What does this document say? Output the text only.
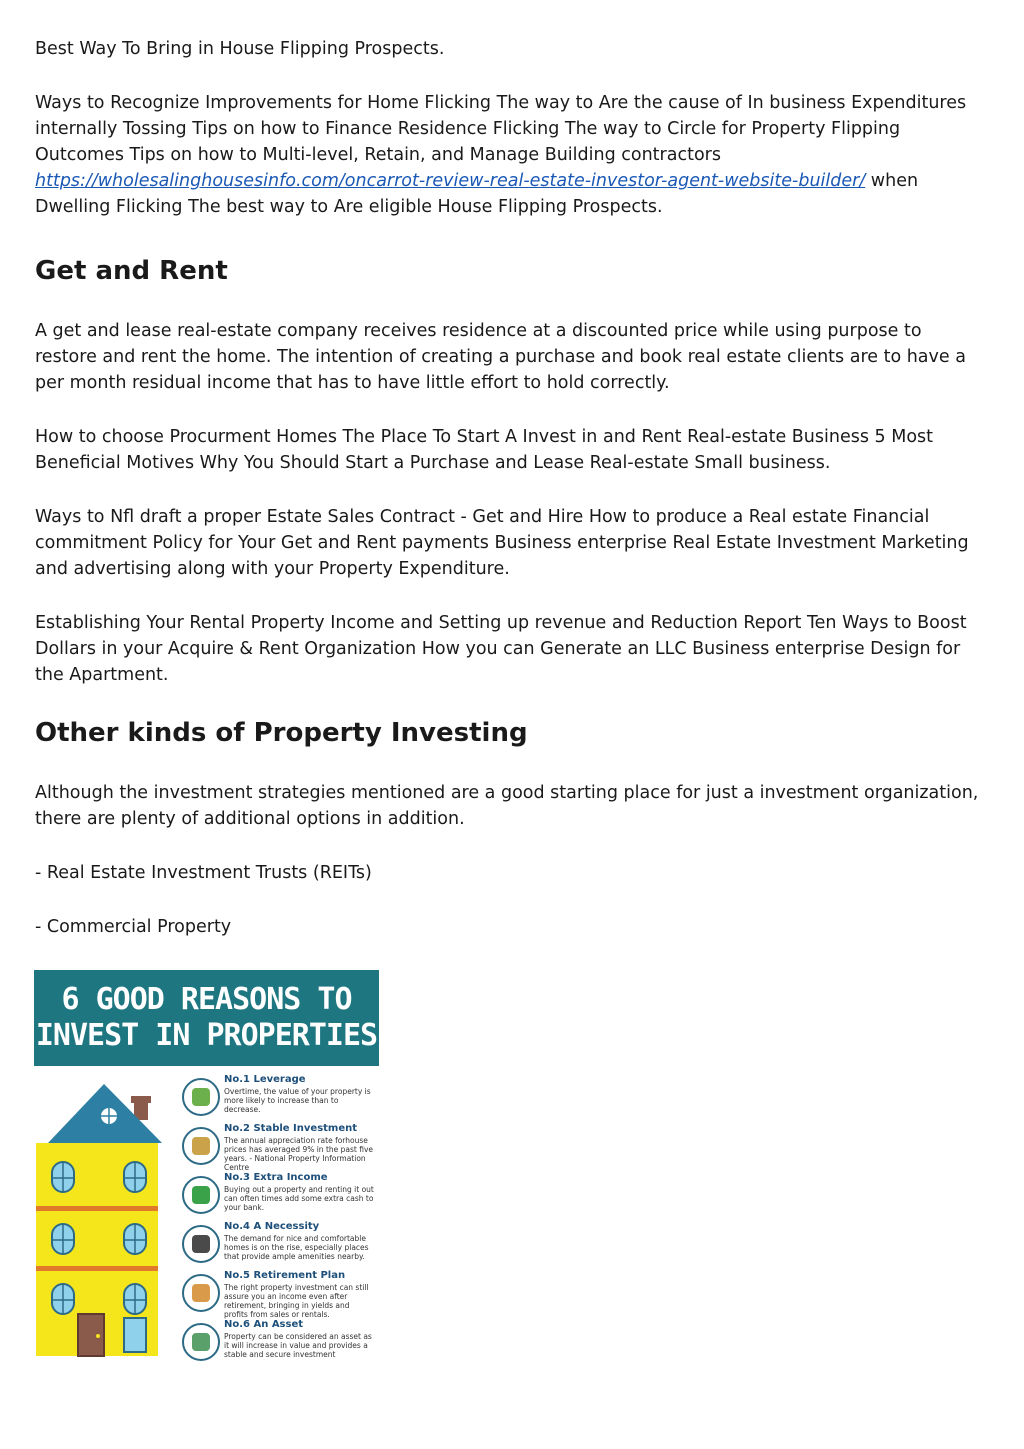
Best Way To Bring in House Flipping Prospects.

Ways to Recognize Improvements for Home Flicking The way to Are the cause of In business Expenditures internally Tossing Tips on how to Finance Residence Flicking The way to Circle for Property Flipping Outcomes Tips on how to Multi-level, Retain, and Manage Building contractors https://wholesalinghousesinfo.com/oncarrot-review-real-estate-investor-agent-website-builder/ when Dwelling Flicking The best way to Are eligible House Flipping Prospects.

Get and Rent

A get and lease real-estate company receives residence at a discounted price while using purpose to restore and rent the home. The intention of creating a purchase and book real estate clients are to have a per month residual income that has to have little effort to hold correctly.

How to choose Procurment Homes The Place To Start A Invest in and Rent Real-estate Business 5 Most Beneficial Motives Why You Should Start a Purchase and Lease Real-estate Small business.

Ways to Nfl draft a proper Estate Sales Contract - Get and Hire How to produce a Real estate Financial commitment Policy for Your Get and Rent payments Business enterprise Real Estate Investment Marketing and advertising along with your Property Expenditure.

Establishing Your Rental Property Income and Setting up revenue and Reduction Report Ten Ways to Boost Dollars in your Acquire & Rent Organization How you can Generate an LLC Business enterprise Design for the Apartment.

Other kinds of Property Investing

Although the investment strategies mentioned are a good starting place for just a investment organization, there are plenty of additional options in addition.

- Real Estate Investment Trusts (REITs)

- Commercial Property

6 GOOD REASONS TO
INVEST IN PROPERTIES
No.1 Leverage
Overtime, the value of your property is more likely to increase than to decrease.
No.2 Stable Investment
The annual appreciation rate forhouse prices has averaged 9% in the past five years. - National Property Information Centre
No.3 Extra Income
Buying out a property and renting it out can often times add some extra cash to your bank.
No.4 A Necessity
The demand for nice and comfortable homes is on the rise, especially places that provide ample amenities nearby.
No.5 Retirement Plan
The right property investment can still assure you an income even after retirement, bringing in yields and profits from sales or rentals.
No.6 An Asset
Property can be considered an asset as it will increase in value and provides a stable and secure investment
